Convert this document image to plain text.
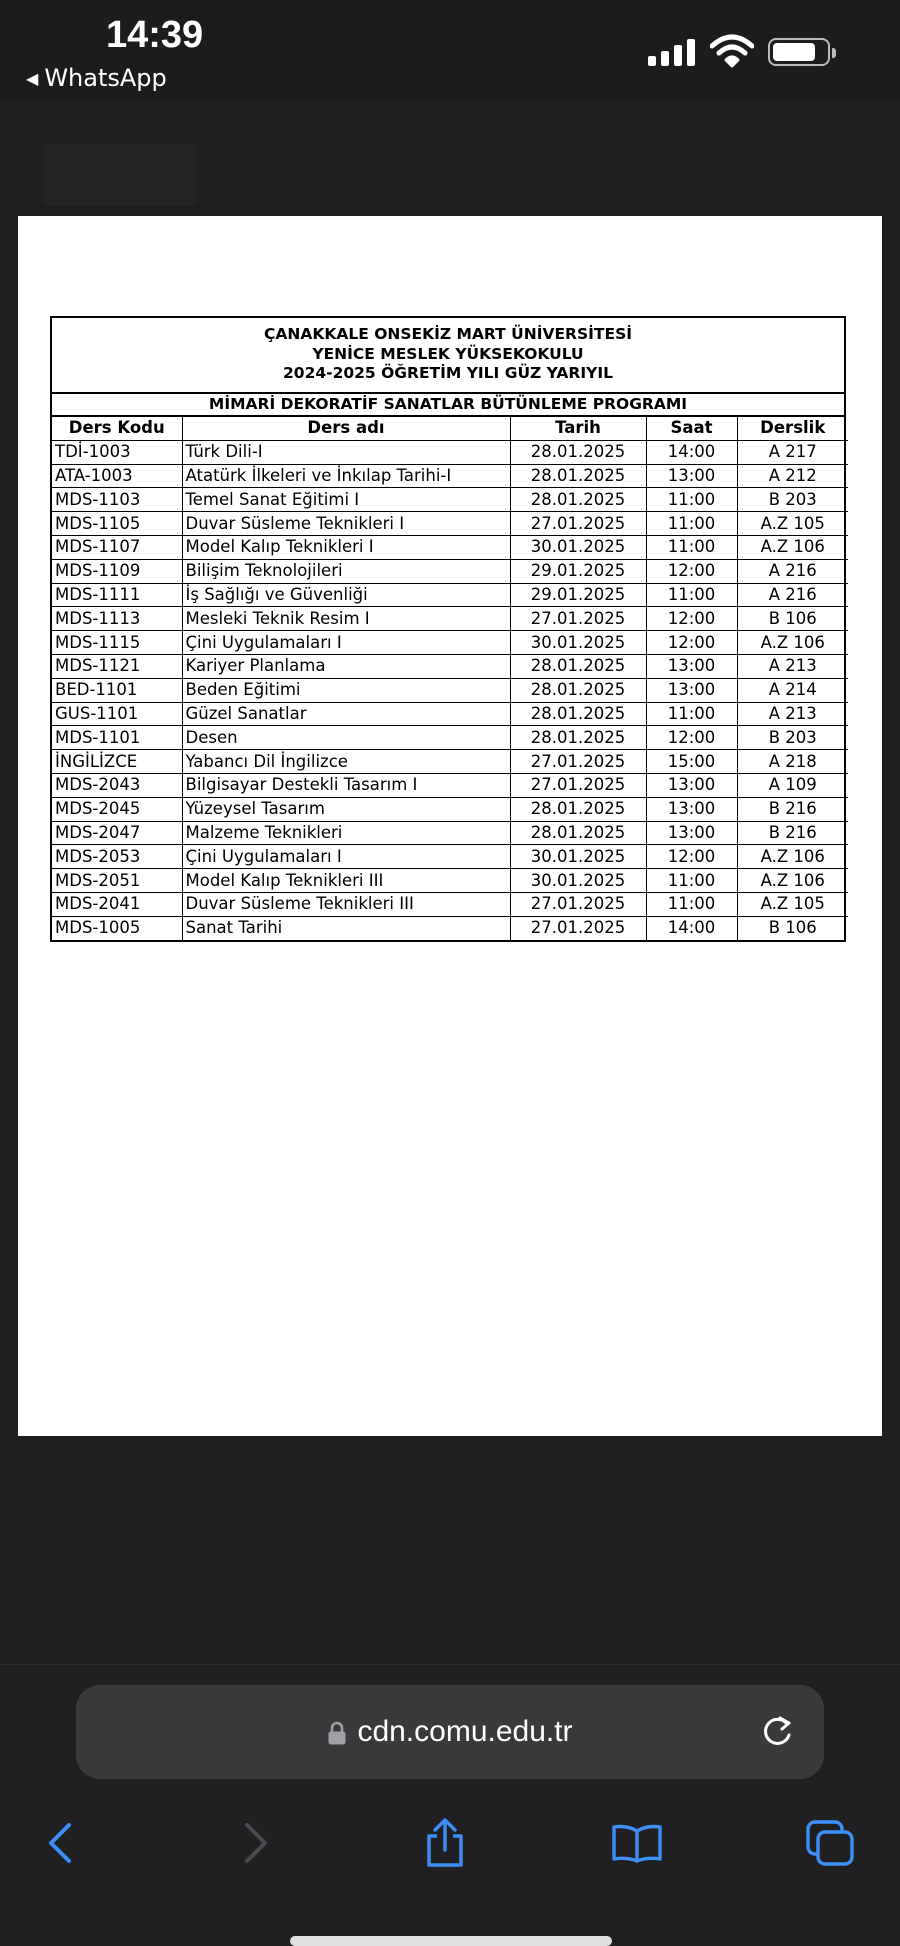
14:39
◀ WhatsApp
ÇANAKKALE ONSEKİZ MART ÜNİVERSİTESİ
YENİCE MESLEK YÜKSEKOKULU
2024-2025 ÖĞRETİM YILI GÜZ YARIYIL
MİMARİ DEKORATİF SANATLAR BÜTÜNLEME PROGRAMI
Ders Kodu	Ders adı	Tarih	Saat	Derslik
TDİ-1003	Türk Dili-I	28.01.2025	14:00	A 217
ATA-1003	Atatürk İlkeleri ve İnkılap Tarihi-I	28.01.2025	13:00	A 212
MDS-1103	Temel Sanat Eğitimi I	28.01.2025	11:00	B 203
MDS-1105	Duvar Süsleme Teknikleri I	27.01.2025	11:00	A.Z 105
MDS-1107	Model Kalıp Teknikleri I	30.01.2025	11:00	A.Z 106
MDS-1109	Bilişim Teknolojileri	29.01.2025	12:00	A 216
MDS-1111	İş Sağlığı ve Güvenliği	29.01.2025	11:00	A 216
MDS-1113	Mesleki Teknik Resim I	27.01.2025	12:00	B 106
MDS-1115	Çini Uygulamaları I	30.01.2025	12:00	A.Z 106
MDS-1121	Kariyer Planlama	28.01.2025	13:00	A 213
BED-1101	Beden Eğitimi	28.01.2025	13:00	A 214
GUS-1101	Güzel Sanatlar	28.01.2025	11:00	A 213
MDS-1101	Desen	28.01.2025	12:00	B 203
İNGİLİZCE	Yabancı Dil İngilizce	27.01.2025	15:00	A 218
MDS-2043	Bilgisayar Destekli Tasarım I	27.01.2025	13:00	A 109
MDS-2045	Yüzeysel Tasarım	28.01.2025	13:00	B 216
MDS-2047	Malzeme Teknikleri	28.01.2025	13:00	B 216
MDS-2053	Çini Uygulamaları I	30.01.2025	12:00	A.Z 106
MDS-2051	Model Kalıp Teknikleri III	30.01.2025	11:00	A.Z 106
MDS-2041	Duvar Süsleme Teknikleri III	27.01.2025	11:00	A.Z 105
MDS-1005	Sanat Tarihi	27.01.2025	14:00	B 106
cdn.comu.edu.tr
